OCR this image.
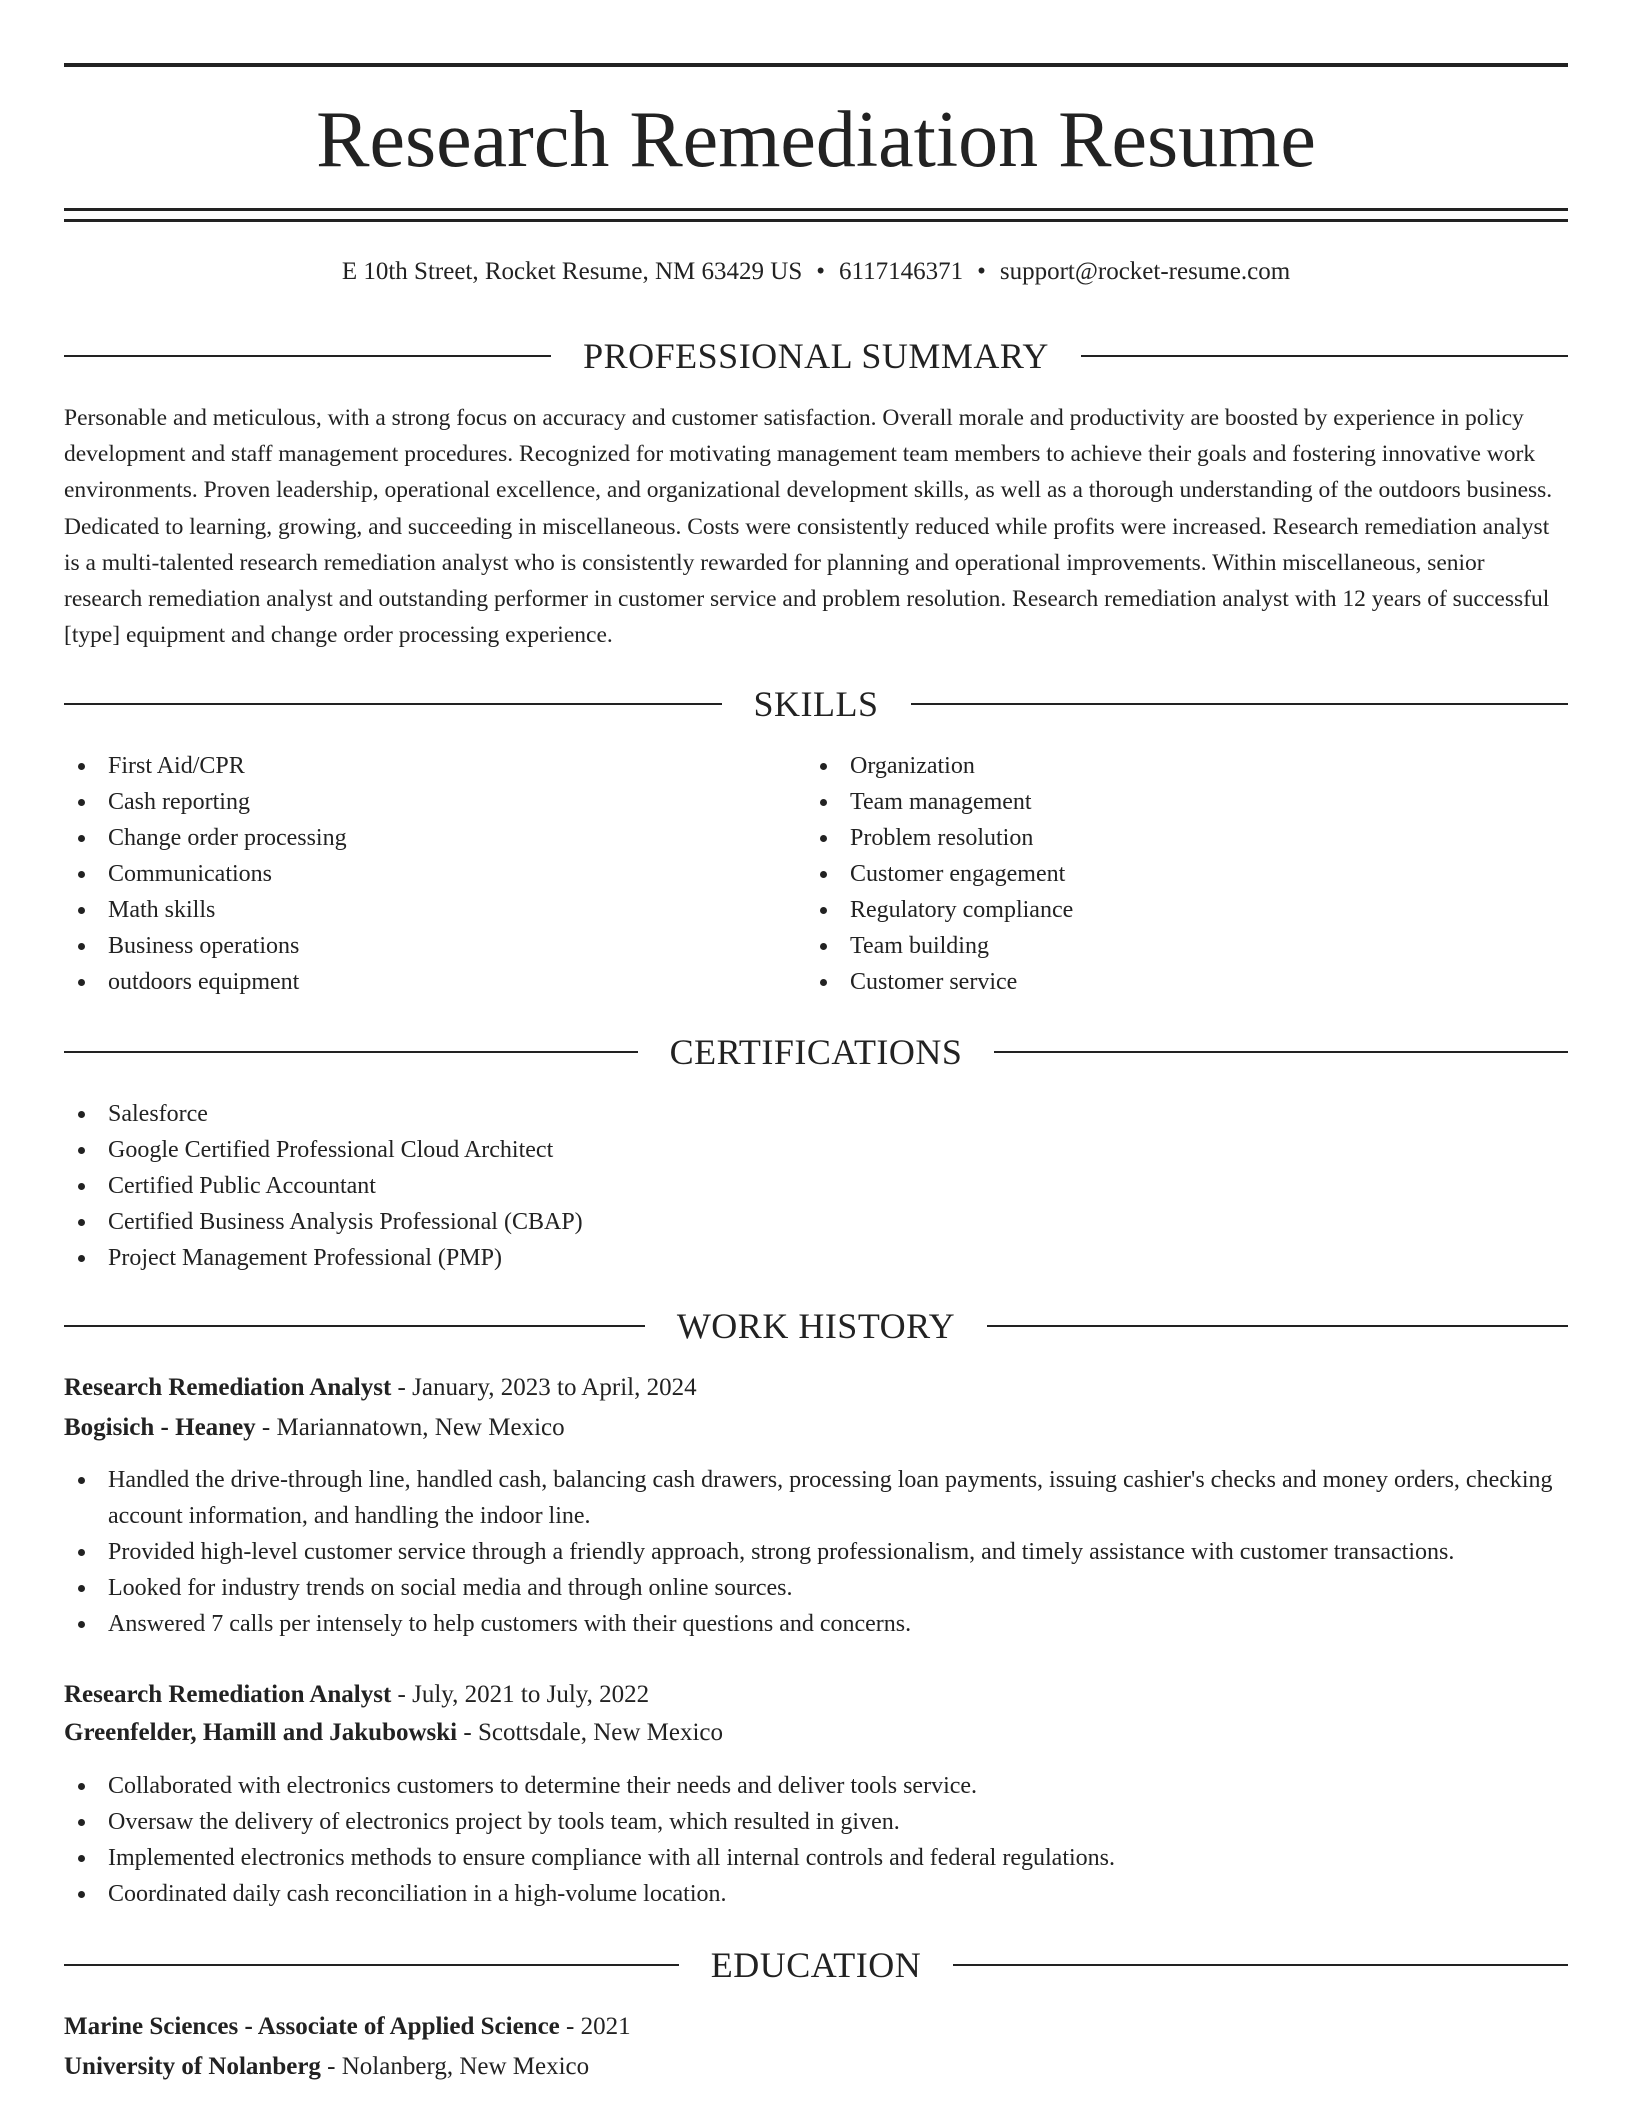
Research Remediation Resume
E 10th Street, Rocket Resume, NM 63429 US • 6117146371 • support@rocket-resume.com
PROFESSIONAL SUMMARY

Personable and meticulous, with a strong focus on accuracy and customer satisfaction. Overall morale and productivity are boosted by experience in policy development and staff management procedures. Recognized for motivating management team members to achieve their goals and fostering innovative work environments. Proven leadership, operational excellence, and organizational development skills, as well as a thorough understanding of the outdoors business. Dedicated to learning, growing, and succeeding in miscellaneous. Costs were consistently reduced while profits were increased. Research remediation analyst is a multi-talented research remediation analyst who is consistently rewarded for planning and operational improvements. Within miscellaneous, senior research remediation analyst and outstanding performer in customer service and problem resolution. Research remediation analyst with 12 years of successful [type] equipment and change order processing experience.

SKILLS
First Aid/CPR
Cash reporting
Change order processing
Communications
Math skills
Business operations
outdoors equipment
Organization
Team management
Problem resolution
Customer engagement
Regulatory compliance
Team building
Customer service
CERTIFICATIONS
Salesforce
Google Certified Professional Cloud Architect
Certified Public Accountant
Certified Business Analysis Professional (CBAP)
Project Management Professional (PMP)
WORK HISTORY

Research Remediation Analyst - January, 2023 to April, 2024

Bogisich - Heaney - Mariannatown, New Mexico

Handled the drive-through line, handled cash, balancing cash drawers, processing loan payments, issuing cashier's checks and money orders, checking account information, and handling the indoor line.
Provided high-level customer service through a friendly approach, strong professionalism, and timely assistance with customer transactions.
Looked for industry trends on social media and through online sources.
Answered 7 calls per intensely to help customers with their questions and concerns.

Research Remediation Analyst - July, 2021 to July, 2022

Greenfelder, Hamill and Jakubowski - Scottsdale, New Mexico

Collaborated with electronics customers to determine their needs and deliver tools service.
Oversaw the delivery of electronics project by tools team, which resulted in given.
Implemented electronics methods to ensure compliance with all internal controls and federal regulations.
Coordinated daily cash reconciliation in a high-volume location.
EDUCATION

Marine Sciences - Associate of Applied Science - 2021

University of Nolanberg - Nolanberg, New Mexico
